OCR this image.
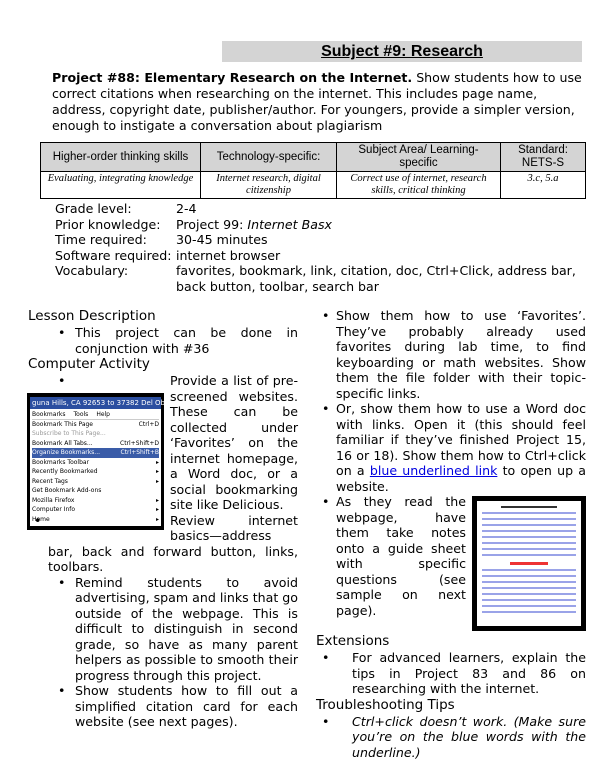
Subject #9: Research

Project #88: Elementary Research on the Internet. Show students how to use correct citations when researching on the internet. This includes page name, address, copyright date, publisher/author. For youngers, provide a simpler version, enough to instigate a conversation about plagiarism

Higher-order thinking skills	Technology-specific:	Subject Area/ Learning-specific	Standard: NETS-S
Evaluating, integrating knowledge	Internet research, digital citizenship	Correct use of internet, research skills, critical thinking	3.c, 5.a
Grade level:	2-4
Prior knowledge:	Project 99: Internet Basx
Time required:	30-45 minutes
Software required: internet browser
Vocabulary:	favorites, bookmark, link, citation, doc, Ctrl+Click, address bar, back button, toolbar, search bar
Lesson Description
• This project can be done in conjunction with #36
Computer Activity
• guna Hills, CA 92653 to 37382 Del Obispo St
Bookmarks Tools Help
Bookmark This Page	Ctrl+D
Subscribe to This Page...
Bookmark All Tabs...	Ctrl+Shift+D
Organize Bookmarks...	Ctrl+Shift+B
Bookmarks Toolbar	▸
Recently Bookmarked	▸
Recent Tags	▸
Get Bookmark Add-ons
Mozilla Firefox	▸
Computer Info	▸
Home	▸
Provide a list of pre-screened websites. These can be collected under ‘Favorites’ on the internet homepage, a Word doc, or a social bookmarking site like Delicious.
• Review internet basics—address bar, back and forward button, links, toolbars.
• Remind students to avoid advertising, spam and links that go outside of the webpage. This is difficult to distinguish in second grade, so have as many parent helpers as possible to smooth their progress through this project.
• Show students how to fill out a simplified citation card for each website (see next pages).
• Show them how to use ‘Favorites’. They’ve probably already used favorites during lab time, to find keyboarding or math websites. Show them the file folder with their topic-specific links.
• Or, show them how to use a Word doc with links. Open it (this should feel familiar if they’ve finished Project 15, 16 or 18). Show them how to Ctrl+click on a blue underlined link to open up a website.
• As they read the webpage, have them take notes onto a guide sheet with specific questions (see sample on next page).
Extensions
• For advanced learners, explain the tips in Project 83 and 86 on researching with the internet.
Troubleshooting Tips
• Ctrl+click doesn’t work. (Make sure you’re on the blue words with the underline.)
